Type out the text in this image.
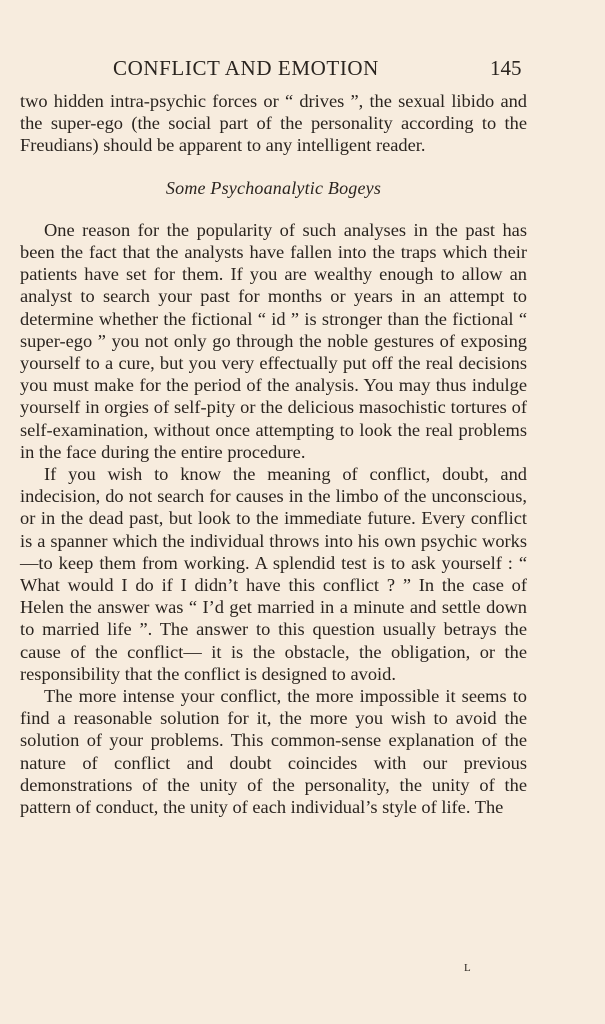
CONFLICT AND EMOTION	145

two hidden intra-psychic forces or “ drives ”, the sexual libido and the super-ego (the social part of the personality according to the Freudians) should be apparent to any intelligent reader.

Some Psychoanalytic Bogeys

One reason for the popularity of such analyses in the past has been the fact that the analysts have fallen into the traps which their patients have set for them. If you are wealthy enough to allow an analyst to search your past for months or years in an attempt to determine whether the fictional “ id ” is stronger than the fictional “ super-ego ” you not only go through the noble gestures of exposing yourself to a cure, but you very effectually put off the real decisions you must make for the period of the analysis. You may thus indulge yourself in orgies of self-pity or the delicious masochistic tortures of self-examination, without once attempting to look the real problems in the face during the entire procedure.

If you wish to know the meaning of conflict, doubt, and indecision, do not search for causes in the limbo of the unconscious, or in the dead past, but look to the immediate future. Every conflict is a spanner which the individual throws into his own psychic works—to keep them from working. A splendid test is to ask yourself : “ What would I do if I didn’t have this conflict ? ” In the case of Helen the answer was “ I’d get married in a minute and settle down to married life ”. The answer to this question usually betrays the cause of the conflict— it is the obstacle, the obligation, or the responsibility that the conflict is designed to avoid.

The more intense your conflict, the more impossible it seems to find a reasonable solution for it, the more you wish to avoid the solution of your problems. This common-sense explanation of the nature of conflict and doubt coincides with our previous demonstrations of the unity of the personality, the unity of the pattern of conduct, the unity of each individual’s style of life. The

L
